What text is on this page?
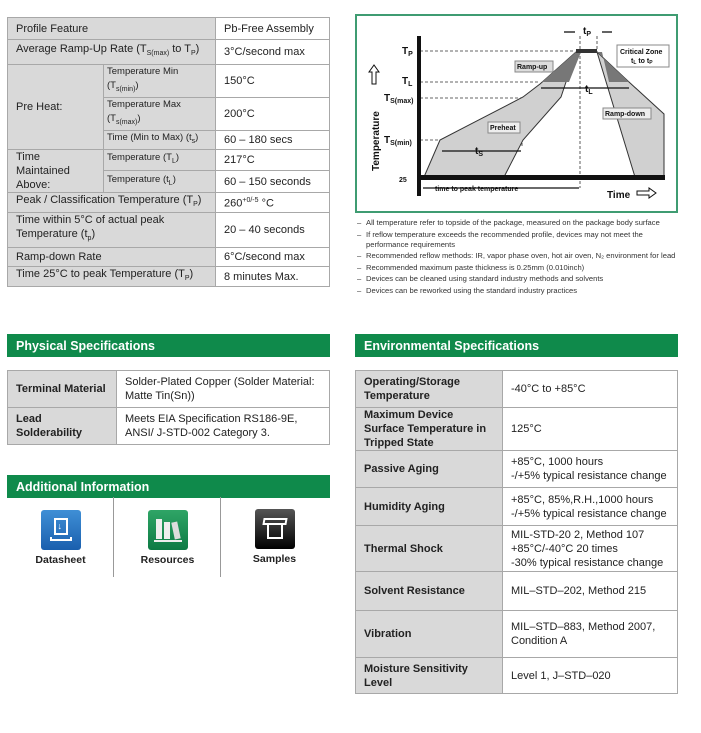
Profile Feature		Pb-Free Assembly
Average Ramp-Up Rate ($T_{S(max)}$ to $T_P$)		3°C/second max
Pre Heat:	Temperature Min $(T_{s(min)})$	150°C
	Temperature Max $(T_{s(max)})$	200°C
	Time (Min to Max) $(t_s)$	60 – 180 secs
Time Maintained Above:	Temperature $(T_L)$	217°C
	Temperature $(t_L)$	60 – 150 seconds
Peak / Classification Temperature $(T_P)$		$260^{+0/-5}$ °C
Time within 5°C of actual peak Temperature $(t_p)$		20 – 40 seconds
Ramp-down Rate		6°C/second max
Time 25°C to peak Temperature $(T_P)$		8 minutes Max.
$T_P$
$T_L$
$T_{S(max)}$
$T_{S(min)}$
25
$t_P$
$t_L$
$t_S$
Time
Temperature
Ramp-up
Preheat
Ramp-down
Critical Zone
tL to tP
time to peak temperature
– All temperature refer to topside of the package, measured on the package body surface
– If reflow temperature exceeds the recommended profile, devices may not meet the performance requirements
– Recommended reflow methods: IR, vapor phase oven, hot air oven, N₂ environment for lead
– Recommended maximum paste thickness is 0.25mm (0.010inch)
– Devices can be cleaned using standard industry methods and solvents
– Devices can be reworked using the standard industry practices
Physical Specifications
Terminal Material	Solder-Plated Copper (Solder Material: Matte Tin(Sn))
Lead Solderability	Meets EIA Specification RS186-9E, ANSI/ J-STD-002 Category 3.
Additional Information
↓
Datasheet	Resources	Samples
Environmental Specifications
Operating/Storage Temperature	-40°C to +85°C
Maximum Device Surface Temperature in Tripped State	125°C
Passive Aging	+85°C, 1000 hours
-/+5% typical resistance change
Humidity Aging	+85°C, 85%,R.H.,1000 hours
-/+5% typical resistance change
Thermal Shock	MIL-STD-20 2, Method 107
+85°C/-40°C 20 times
-30% typical resistance change
Solvent Resistance	MIL–STD–202, Method 215
Vibration	MIL–STD–883, Method 2007,
Condition A
Moisture Sensitivity Level	Level 1, J–STD–020
